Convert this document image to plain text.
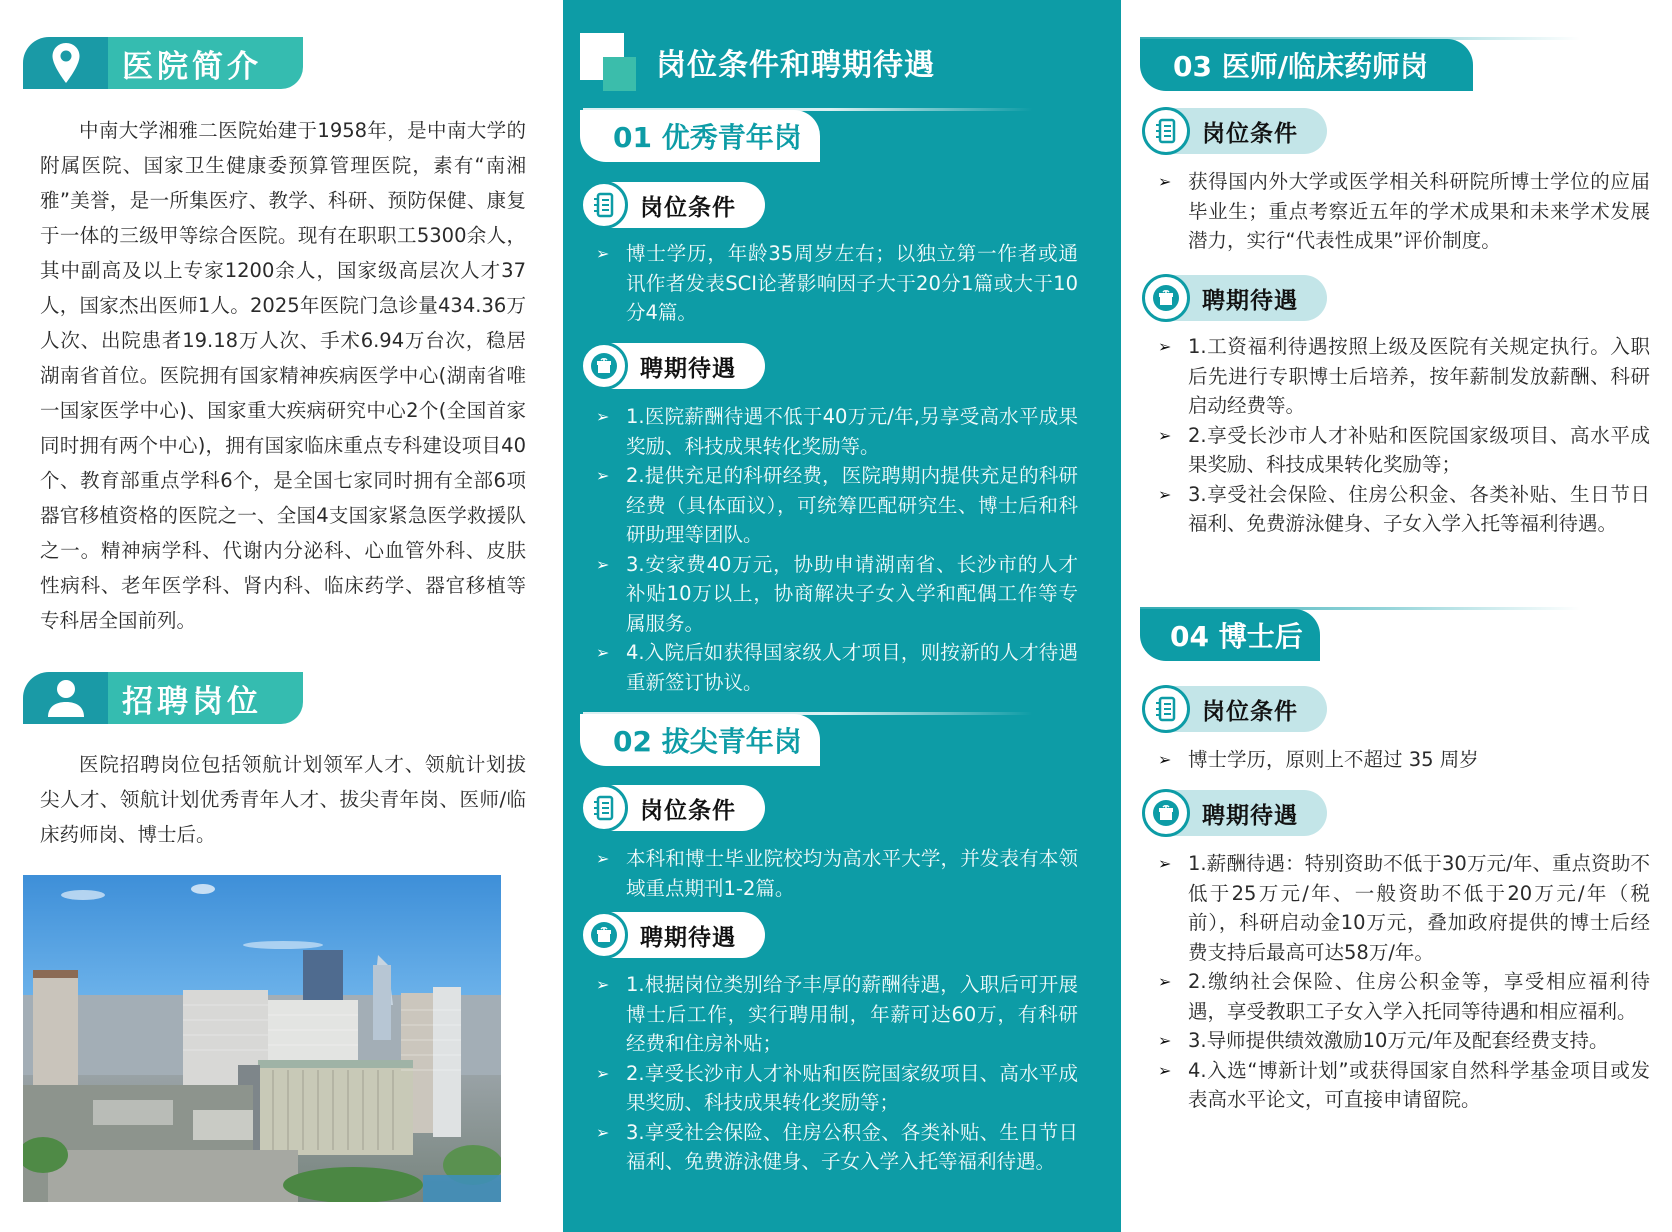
医院简介

中南大学湘雅二医院始建于1958年，是中南大学的附属医院、国家卫生健康委预算管理医院，素有“南湘雅”美誉，是一所集医疗、教学、科研、预防保健、康复于一体的三级甲等综合医院。现有在职职工5300余人，其中副高及以上专家1200余人，国家级高层次人才37人，国家杰出医师1人。2025年医院门急诊量434.36万人次、出院患者19.18万人次、手术6.94万台次，稳居湖南省首位。医院拥有国家精神疾病医学中心(湖南省唯一国家医学中心)、国家重大疾病研究中心2个(全国首家同时拥有两个中心)，拥有国家临床重点专科建设项目40个、教育部重点学科6个，是全国七家同时拥有全部6项器官移植资格的医院之一、全国4支国家紧急医学救援队之一。精神病学科、代谢内分泌科、心血管外科、皮肤性病科、老年医学科、肾内科、临床药学、器官移植等专科居全国前列。

招聘岗位

医院招聘岗位包括领航计划领军人才、领航计划拔尖人才、领航计划优秀青年人才、拔尖青年岗、医师/临床药师岗、博士后。

岗位条件和聘期待遇
01 优秀青年岗
岗位条件
➢ 博士学历，年龄35周岁左右；以独立第一作者或通讯作者发表SCI论著影响因子大于20分1篇或大于10分4篇。
聘期待遇
➢ 1.医院薪酬待遇不低于40万元/年,另享受高水平成果奖励、科技成果转化奖励等。
➢ 2.提供充足的科研经费，医院聘期内提供充足的科研经费（具体面议），可统筹匹配研究生、博士后和科研助理等团队。
➢ 3.安家费40万元，协助申请湖南省、长沙市的人才补贴10万以上，协商解决子女入学和配偶工作等专属服务。
➢ 4.入院后如获得国家级人才项目，则按新的人才待遇重新签订协议。
02 拔尖青年岗
岗位条件
➢ 本科和博士毕业院校均为高水平大学，并发表有本领域重点期刊1-2篇。
聘期待遇
➢ 1.根据岗位类别给予丰厚的薪酬待遇，入职后可开展博士后工作，实行聘用制，年薪可达60万，有科研经费和住房补贴；
➢ 2.享受长沙市人才补贴和医院国家级项目、高水平成果奖励、科技成果转化奖励等；
➢ 3.享受社会保险、住房公积金、各类补贴、生日节日福利、免费游泳健身、子女入学入托等福利待遇。
03 医师/临床药师岗
岗位条件
➢ 获得国内外大学或医学相关科研院所博士学位的应届毕业生；重点考察近五年的学术成果和未来学术发展潜力，实行“代表性成果”评价制度。
聘期待遇
➢ 1.工资福利待遇按照上级及医院有关规定执行。入职后先进行专职博士后培养，按年薪制发放薪酬、科研启动经费等。
➢ 2.享受长沙市人才补贴和医院国家级项目、高水平成果奖励、科技成果转化奖励等；
➢ 3.享受社会保险、住房公积金、各类补贴、生日节日福利、免费游泳健身、子女入学入托等福利待遇。
04 博士后
岗位条件
➢ 博士学历，原则上不超过 35 周岁
聘期待遇
➢ 1.薪酬待遇：特别资助不低于30万元/年、重点资助不低于25万元/年、一般资助不低于20万元/年（税前），科研启动金10万元，叠加政府提供的博士后经费支持后最高可达58万/年。
➢ 2.缴纳社会保险、住房公积金等，享受相应福利待遇，享受教职工子女入学入托同等待遇和相应福利。
➢ 3.导师提供绩效激励10万元/年及配套经费支持。
➢ 4.入选“博新计划”或获得国家自然科学基金项目或发表高水平论文，可直接申请留院。
